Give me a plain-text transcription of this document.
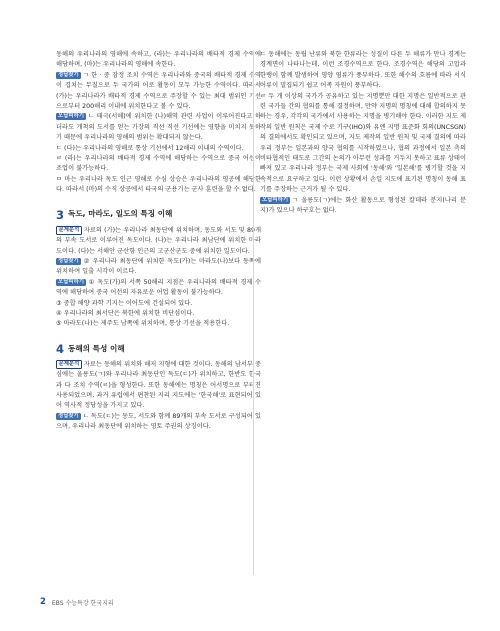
동해의 우리나라의 영해에 속하고, (라)는 우리나라의 배타적 경제 수역에 해당하며, (마)는 우리나라의 영해에 속한다.

정답찾기 ㄱ 한 · 중 잠정 조치 수역은 우리나라와 중국의 배타적 경제 수역이 겹치는 무질으로 두 국가의 어로 활동이 모두 가능한 수역이다. 따라서 (가)는 우리나라가 배타적 경제 수역으로 주장할 수 있는 최대 범위인 기선으로부터 200해리 이내에 위치한다고 볼 수 있다.

오답피하기 ㄴ 태극(서해)에 위치한 (나)해역 관련 사업이 이루어진다고 하더라도 개척의 도서를 얻는 가장의 직선 직선 기선에는 영향을 미치지 못하기 때문에 우리나라의 영해의 범위는 확대되지 않는다.

ㄷ (다)는 우리나라의 영해로 통상 기선에서 12해리 이내의 수역이다.

ㄹ (라)는 우리나라의 배타적 경제 수역에 해당하는 수역으로 중국 어선이 조업이 불가능하다.

ㅁ 마는 우리나라 독도 인근 영해로 수심 상승은 우리나라의 영공에 해당한다. 따라서 (마)의 수직 상공에서 타국의 군용기는 군사 훈련을 할 수 없다.

3 독도, 마라도, 일도의 특징 이해

문제분석 자료의 (가)는 우리나라 최동단에 위치하며, 동도와 서도 및 89개의 부속 도서로 이루어진 독도이다. (나)는 우리나라 최남단에 위치한 마라도이다. (다)는 서해안 군산항 인근의 고군산군도 중에 위치한 일도이다.

정답찾기 ② 우리나라 최동단에 위치한 독도(가)는 마라도(나)보다 동쪽에 위치하여 일출 시각이 이르다.

오답피하기 ① 독도(가)의 서쪽 50해리 지점은 우리나라의 배타적 경제 수역에 해당하여 중국 어선의 자유로운 어업 활동이 불가능하다.

③ 중합 해양 과학 기지는 이어도에 건설되어 있다.

④ 우리나라의 최서단은 북한에 위치한 비단섬이다.

⑤ 마라도(나)는 제주도 남쪽에 위치하며, 통상 기선을 적용한다.

4 동해의 특성 이해

문제분석 자료는 동해의 위치와 해저 지형에 대한 것이다. 동해의 남서부 중심에는 울릉도(ㄱ)와 우리나라 최동단인 독도(ㄷ)가 위치하고, 한반도 한국과 다 조치 수역(ㄹ)을 형성한다. 또한 동해에는 명칭은 어서명으로 부터진 사용되었으며, 과거 유럽에서 편찬된 지리 지도에는 '한국해'로 표현되어 있어 역사적 정당성을 가지고 있다.

정답찾기 ㄴ 독도(ㄷ)는 동도, 서도와 함께 89개의 부속 도서로 구성되어 있으며, 우리나라 최동단에 위치하는 영토 주권의 상징이다.

ㄷ 동해에는 동립 난류와 북한 한류라는 성질이 다른 두 해류가 만나 경계는 경계면이 나타나는데, 이런 조경수역으로 한다. 조경수역은 해당의 고압과 한랭이 함께 발생하여 영양 염류가 풍부하다. 또한 해수의 흐름에 따라 서식 어류이 밀집되기 쉽고 어족 자원이 풍부하다.

ㄹ 두 개 이상의 국가가 공유하고 있는 지명뿐만 대한 지명은 일반적으로 관련 국가들 간의 협의를 통해 결정하며, 만약 지명의 명칭에 대해 합의하지 못하는 경우, 각각의 국가에서 사용하는 지명을 병기해야 한다. 이러한 지도 제작의 일반 원칙은 국제 수로 기구(IHO)와 유엔 지명 표준화 회의(UNCSGN)의 결의에서도 확인되고 있으며, 지도 제작의 일반 원칙 및 국제 결의에 따라 우리 정부는 일본과의 양국 협의를 시작하였으나, 협의 과정에서 일본 측의 비타협적인 태도로 그간의 논의가 아무런 성과를 거두지 못하고 표류 상태이 빠져 있고 우리나라 정부는 국제 사회에 '동해'와 '일본해'를 병기할 것을 지속적으로 요구하고 있다. 이런 상황에서 손일 지도에 표기된 명칭이 동해 표기를 주장하는 근거가 될 수 있다.

오답피하기 ㄱ 울릉도(ㄱ)에는 화산 활동으로 형성된 칼데라 분지(나리 분지)가 있으나 하구호는 없다.

2 EBS 수능특강 한국지리
